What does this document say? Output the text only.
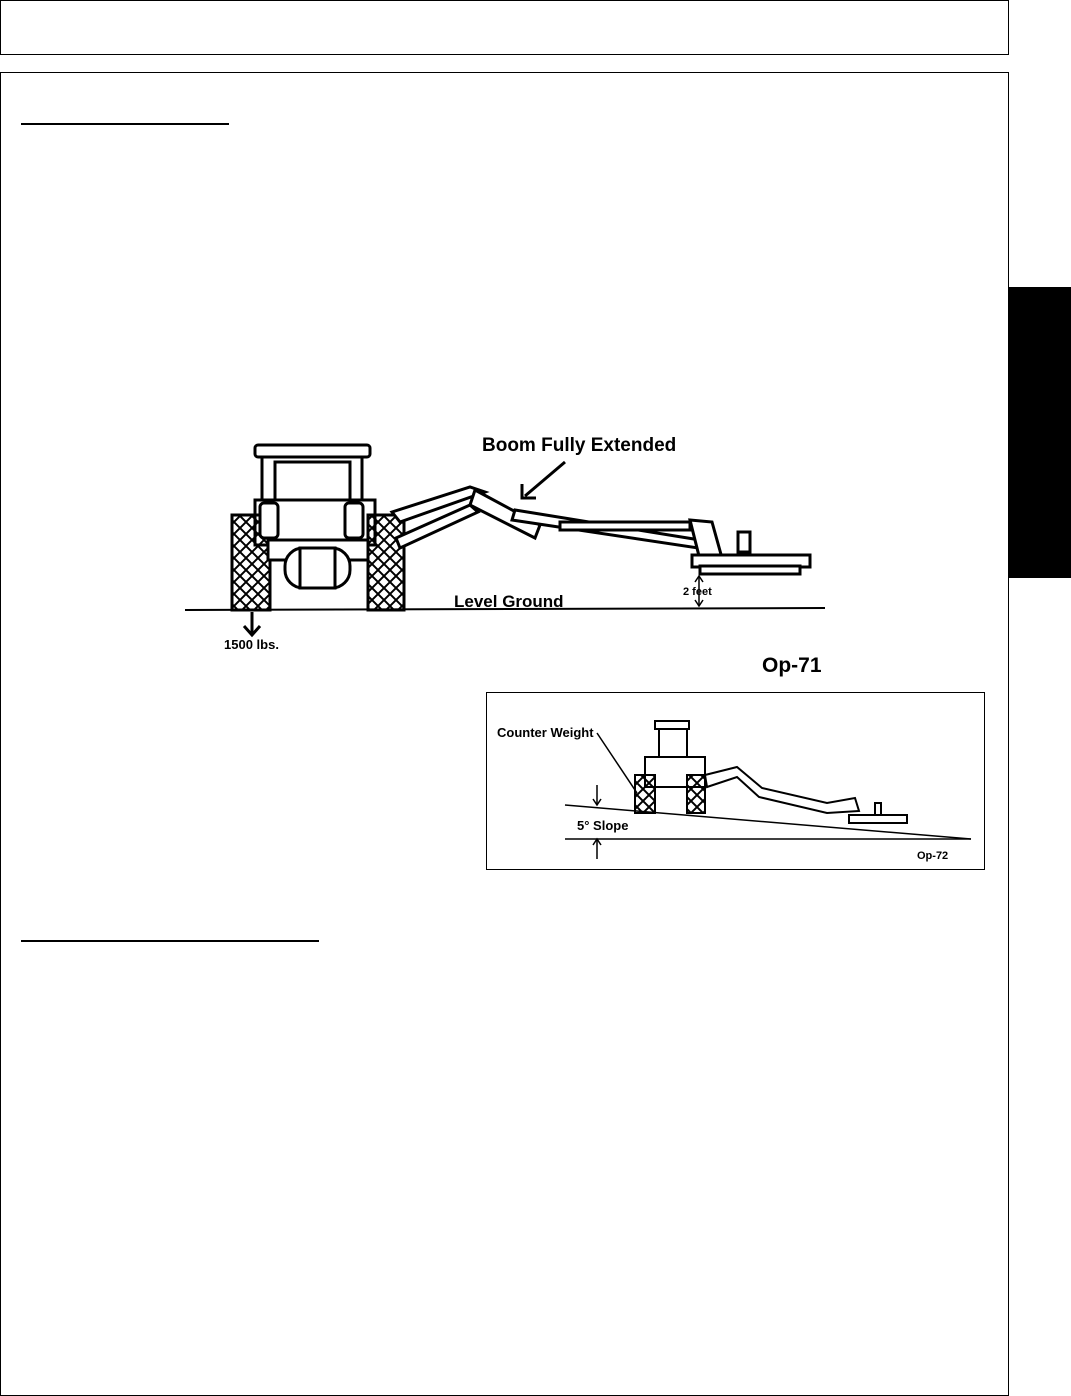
Boom Fully Extended
Level Ground	2 feet
1500 lbs.
Op-71
Counter Weight
5° Slope
Op-72
